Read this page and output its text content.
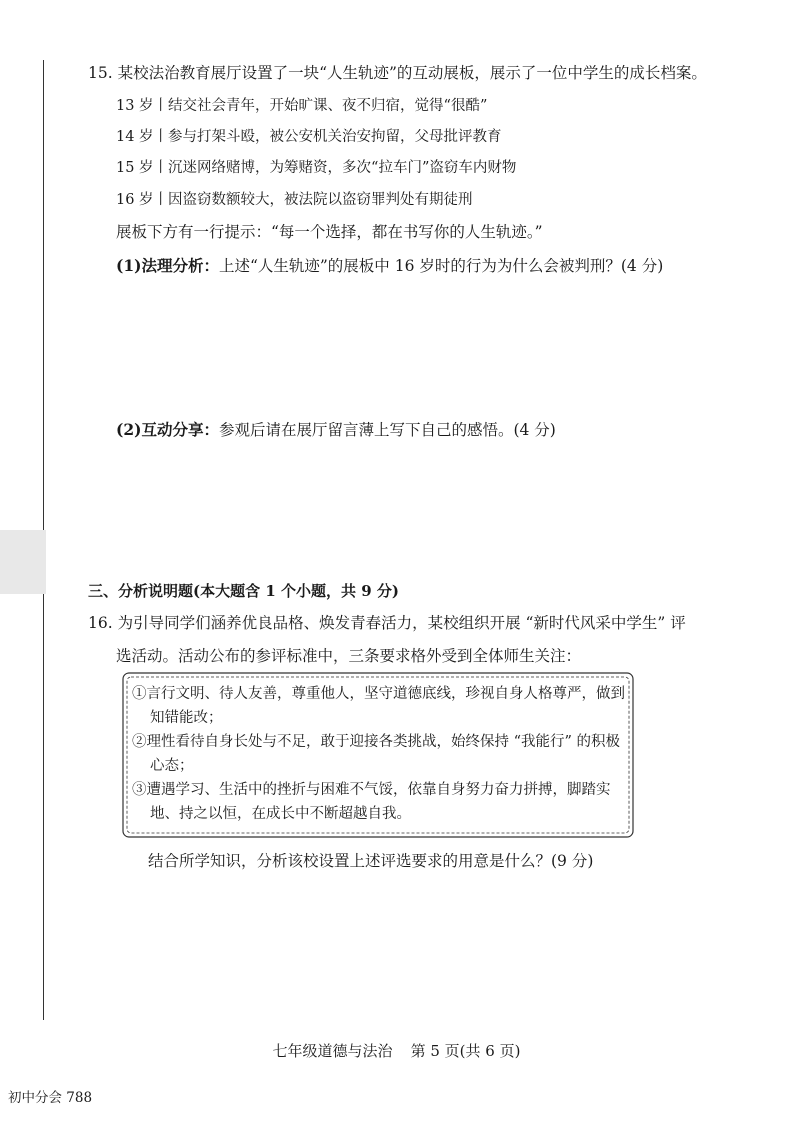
15. 某校法治教育展厅设置了一块“人生轨迹”的互动展板，展示了一位中学生的成长档案。
13 岁丨结交社会青年，开始旷课、夜不归宿，觉得“很酷”
14 岁丨参与打架斗殴，被公安机关治安拘留，父母批评教育
15 岁丨沉迷网络赌博，为筹赌资，多次“拉车门”盗窃车内财物
16 岁丨因盗窃数额较大，被法院以盗窃罪判处有期徒刑
展板下方有一行提示：“每一个选择，都在书写你的人生轨迹。”
(1)法理分析：上述“人生轨迹”的展板中 16 岁时的行为为什么会被判刑？(4 分)
(2)互动分享：参观后请在展厅留言薄上写下自己的感悟。(4 分)
三、分析说明题(本大题含 1 个小题，共 9 分)
16. 为引导同学们涵养优良品格、焕发青春活力，某校组织开展 “新时代风采中学生” 评
选活动。活动公布的参评标准中，三条要求格外受到全体师生关注：
①言行文明、待人友善，尊重他人，坚守道德底线，珍视自身人格尊严，做到知错能改；
②理性看待自身长处与不足，敢于迎接各类挑战，始终保持 “我能行” 的积极心态；
③遭遇学习、生活中的挫折与困难不气馁，依靠自身努力奋力拼搏，脚踏实地、持之以恒，在成长中不断超越自我。
结合所学知识，分析该校设置上述评选要求的用意是什么？(9 分)
七年级道德与法治 第 5 页(共 6 页)
初中分会 788
